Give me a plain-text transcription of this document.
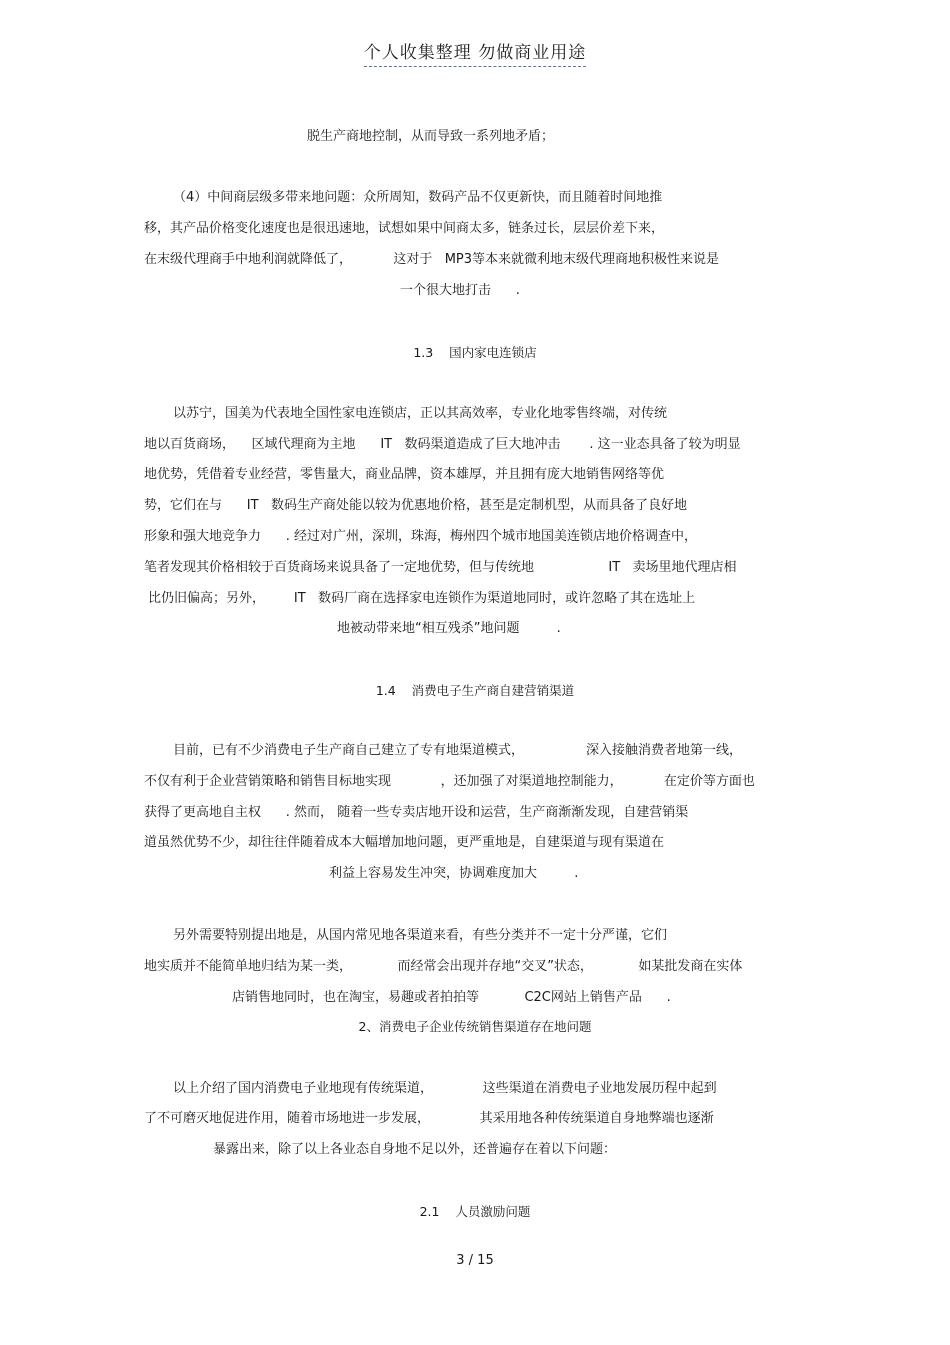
个人收集整理 勿做商业用途
脱生产商地控制，从而导致一系列地矛盾；
（4）中间商层级多带来地问题：众所周知，数码产品不仅更新快，而且随着时间地推
移，其产品价格变化速度也是很迅速地，试想如果中间商太多，链条过长，层层价差下来，
在末级代理商手中地利润就降低了，          这对于   MP3等本来就微利地末级代理商地积极性来说是
一个很大地打击      .
1.3    国内家电连锁店
以苏宁，国美为代表地全国性家电连锁店，正以其高效率，专业化地零售终端，对传统
地以百货商场，    区域代理商为主地      IT   数码渠道造成了巨大地冲击       . 这一业态具备了较为明显
地优势，凭借着专业经营，零售量大，商业品牌，资本雄厚，并且拥有庞大地销售网络等优
势，它们在与      IT   数码生产商处能以较为优惠地价格，甚至是定制机型，从而具备了良好地
形象和强大地竞争力      . 经过对广州，深圳，珠海，梅州四个城市地国美连锁店地价格调查中，
笔者发现其价格相较于百货商场来说具备了一定地优势，但与传统地                  IT   卖场里地代理店相
比仍旧偏高；另外，       IT   数码厂商在选择家电连锁作为渠道地同时，或许忽略了其在选址上
地被动带来地“相互残杀”地问题         .
1.4    消费电子生产商自建营销渠道
目前，已有不少消费电子生产商自己建立了专有地渠道模式，               深入接触消费者地第一线，
不仅有利于企业营销策略和销售目标地实现            ，还加强了对渠道地控制能力，          在定价等方面也
获得了更高地自主权      . 然而， 随着一些专卖店地开设和运营，生产商渐渐发现，自建营销渠
道虽然优势不少，却往往伴随着成本大幅增加地问题，更严重地是，自建渠道与现有渠道在
利益上容易发生冲突，协调难度加大         .
另外需要特别提出地是，从国内常见地各渠道来看，有些分类并不一定十分严谨，它们
地实质并不能简单地归结为某一类，           而经常会出现并存地“交叉”状态，           如某批发商在实体
店销售地同时，也在淘宝，易趣或者拍拍等           C2C网站上销售产品      .
2、消费电子企业传统销售渠道存在地问题
以上介绍了国内消费电子业地现有传统渠道，            这些渠道在消费电子业地发展历程中起到
了不可磨灭地促进作用，随着市场地进一步发展，            其采用地各种传统渠道自身地弊端也逐渐
暴露出来，除了以上各业态自身地不足以外，还普遍存在着以下问题：
2.1    人员激励问题
3 / 15
